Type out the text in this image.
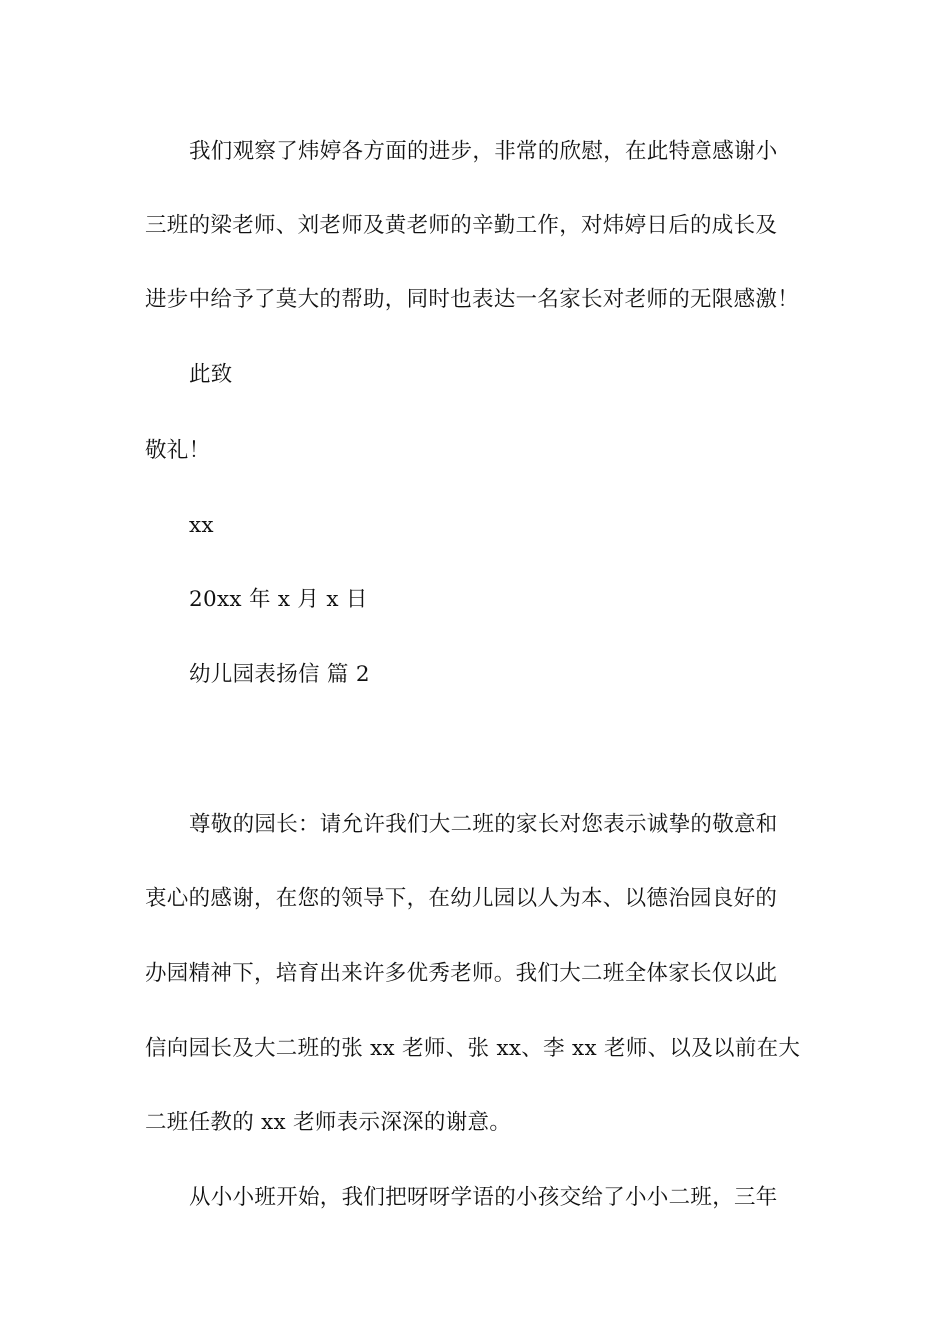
我们观察了炜婷各方面的进步，非常的欣慰，在此特意感谢小
三班的梁老师、刘老师及黄老师的辛勤工作，对炜婷日后的成长及
进步中给予了莫大的帮助，同时也表达一名家长对老师的无限感激！
此致
敬礼！
xx
20xx 年 x 月 x 日
幼儿园表扬信 篇 2
尊敬的园长：请允许我们大二班的家长对您表示诚挚的敬意和
衷心的感谢，在您的领导下，在幼儿园以人为本、以德治园良好的
办园精神下，培育出来许多优秀老师。我们大二班全体家长仅以此
信向园长及大二班的张 xx 老师、张 xx、李 xx 老师、以及以前在大
二班任教的 xx 老师表示深深的谢意。
从小小班开始，我们把呀呀学语的小孩交给了小小二班，三年
